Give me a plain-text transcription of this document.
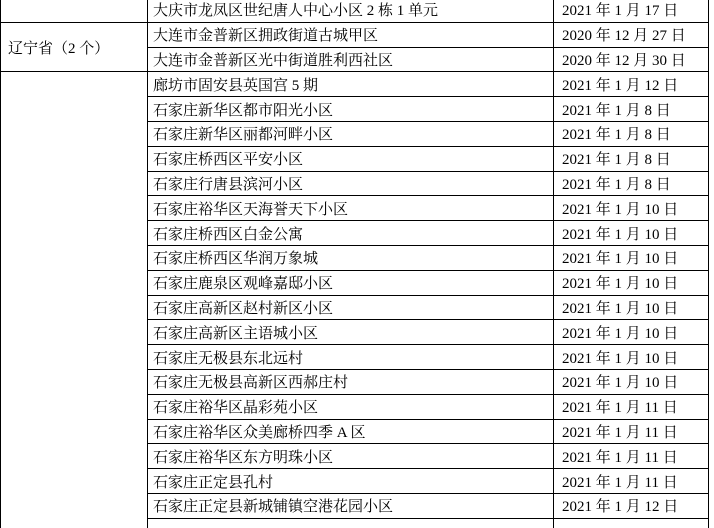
辽宁省（2 个）
大庆市龙凤区世纪唐人中心小区 2 栋 1 单元	2021 年 1 月 17 日
大连市金普新区拥政街道古城甲区	2020 年 12 月 27 日
大连市金普新区光中街道胜利西社区	2020 年 12 月 30 日
廊坊市固安县英国宫 5 期	2021 年 1 月 12 日
石家庄新华区都市阳光小区	2021 年 1 月 8 日
石家庄新华区丽都河畔小区	2021 年 1 月 8 日
石家庄桥西区平安小区	2021 年 1 月 8 日
石家庄行唐县滨河小区	2021 年 1 月 8 日
石家庄裕华区天海誉天下小区	2021 年 1 月 10 日
石家庄桥西区白金公寓	2021 年 1 月 10 日
石家庄桥西区华润万象城	2021 年 1 月 10 日
石家庄鹿泉区观峰嘉邸小区	2021 年 1 月 10 日
石家庄高新区赵村新区小区	2021 年 1 月 10 日
石家庄高新区主语城小区	2021 年 1 月 10 日
石家庄无极县东北远村	2021 年 1 月 10 日
石家庄无极县高新区西郝庄村	2021 年 1 月 10 日
石家庄裕华区晶彩苑小区	2021 年 1 月 11 日
石家庄裕华区众美廊桥四季 A 区	2021 年 1 月 11 日
石家庄裕华区东方明珠小区	2021 年 1 月 11 日
石家庄正定县孔村	2021 年 1 月 11 日
石家庄正定县新城铺镇空港花园小区	2021 年 1 月 12 日
